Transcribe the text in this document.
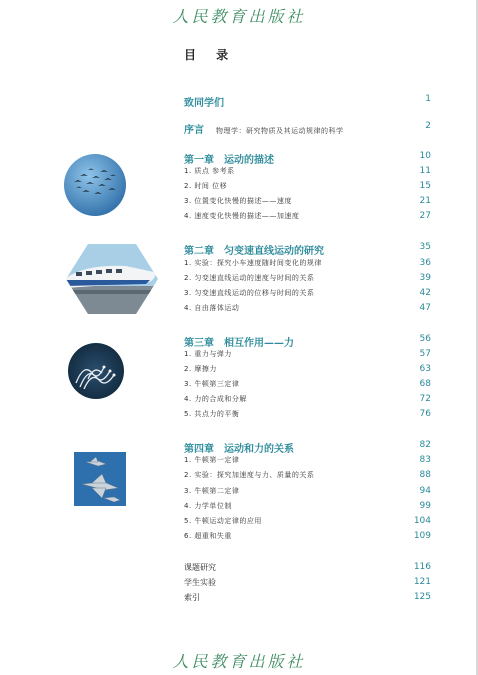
人民教育出版社
目 录
致同学们	1
序言 物理学：研究物质及其运动规律的科学	2
第一章　运动的描述	10
1. 质点 参考系	11
2. 时间 位移	15
3. 位置变化快慢的描述——速度	21
4. 速度变化快慢的描述——加速度	27
第二章　匀变速直线运动的研究	35
1. 实验：探究小车速度随时间变化的规律	36
2. 匀变速直线运动的速度与时间的关系	39
3. 匀变速直线运动的位移与时间的关系	42
4. 自由落体运动	47
第三章　相互作用——力	56
1. 重力与弹力	57
2. 摩擦力	63
3. 牛顿第三定律	68
4. 力的合成和分解	72
5. 共点力的平衡	76
第四章　运动和力的关系	82
1. 牛顿第一定律	83
2. 实验：探究加速度与力、质量的关系	88
3. 牛顿第二定律	94
4. 力学单位制	99
5. 牛顿运动定律的应用	104
6. 超重和失重	109
课题研究	116
学生实验	121
索引	125
人民教育出版社
